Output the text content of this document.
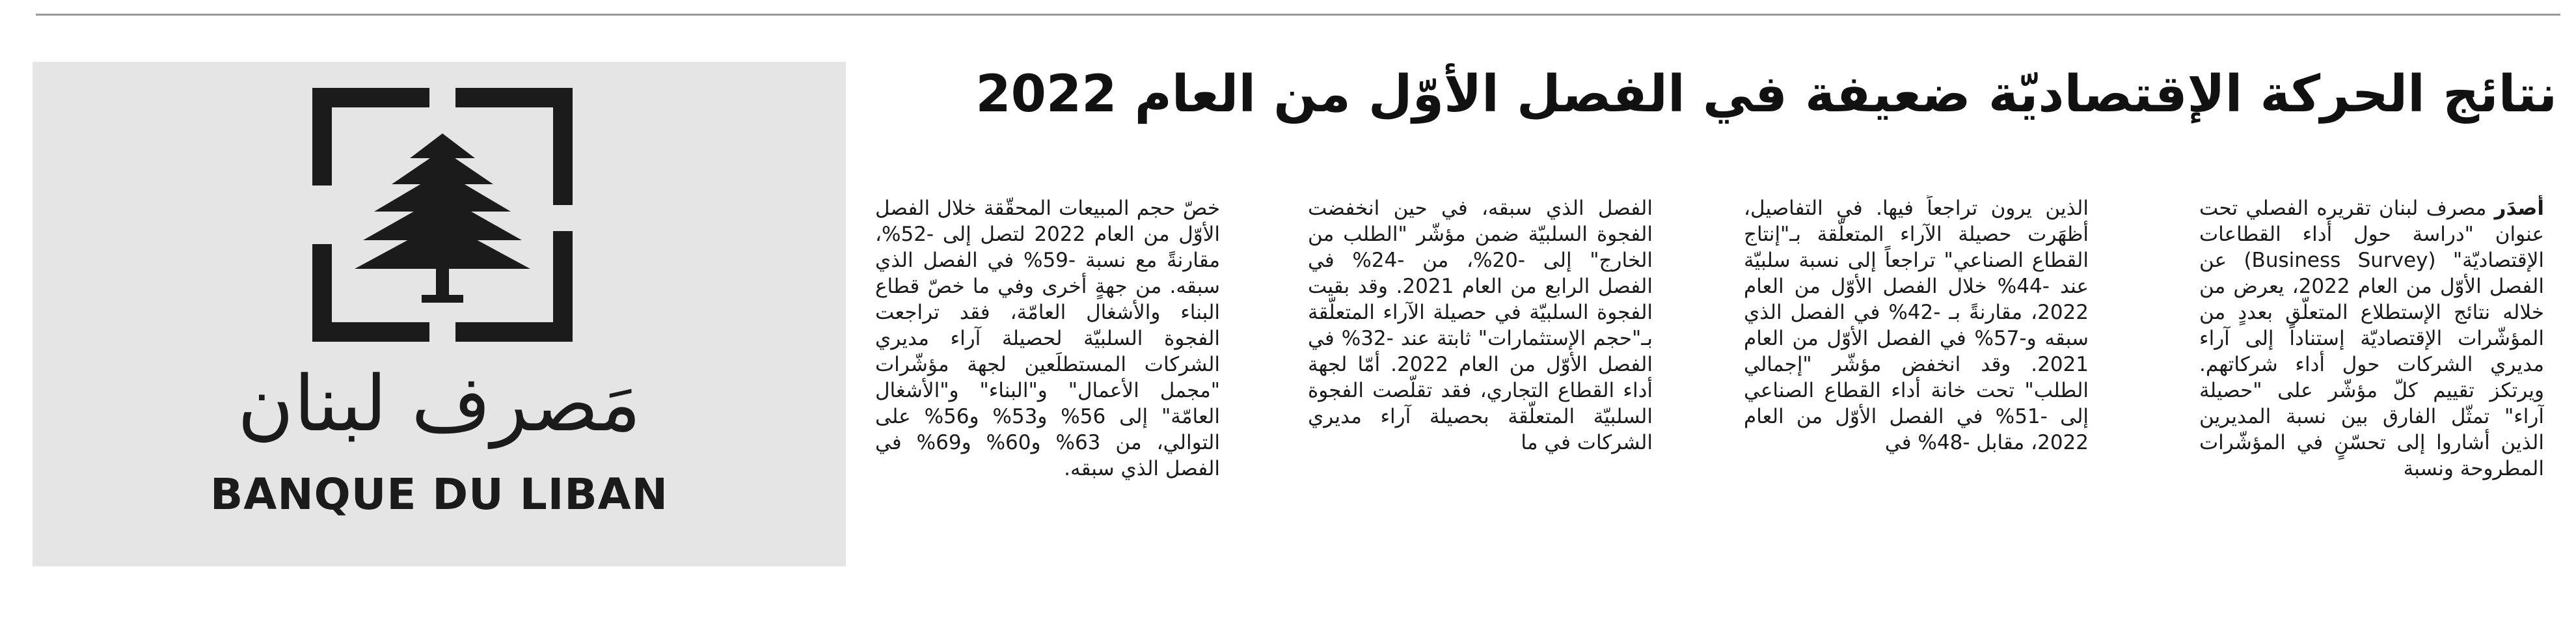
نتائج الحركة الإقتصاديّة ضعيفة في الفصل الأوّل من العام 2022

أَصدَر مصرف لبنان تقريره الفصلي تحت عنوان "دراسة حول أداء القطاعات الإقتصاديّة" (Business Survey) عن الفصل الأوّل من العام 2022، يعرض من خلاله نتائج الإستطلاع المتعلّق بعددٍ من المؤشّرات الإقتصاديّة إستناداً إلى آراء مديري الشركات حول أداء شركاتهم. ويرتكز تقييم كلّ مؤشّر على "حصيلة آراء" تمثّل الفارق بين نسبة المديرين الذين أشاروا إلى تحسّنٍ في المؤشّرات المطروحة ونسبة

الذين يرون تراجعاً فيها. في التفاصيل، أظهَرت حصيلة الآراء المتعلّقة بـ"إنتاج القطاع الصناعي" تراجعاً إلى نسبة سلبيّة عند -44% خلال الفصل الأوّل من العام 2022، مقارنةً بـ -42% في الفصل الذي سبقه و-57% في الفصل الأوّل من العام 2021. وقد انخفض مؤشّر "إجمالي الطلب" تحت خانة أداء القطاع الصناعي إلى -51% في الفصل الأوّل من العام 2022، مقابل -48% في

الفصل الذي سبقه، في حين انخفضت الفجوة السلبيّة ضمن مؤشّر "الطلب من الخارج" إلى -20%، من -24% في الفصل الرابع من العام 2021. وقد بقيت الفجوة السلبيّة في حصيلة الآراء المتعلّقة بـ"حجم الإستثمارات" ثابتة عند -32% في الفصل الأوّل من العام 2022. أمّا لجهة أداء القطاع التجاري، فقد تقلّصت الفجوة السلبيّة المتعلّقة بحصيلة آراء مديري الشركات في ما

خصّ حجم المبيعات المحقّقة خلال الفصل الأوّل من العام 2022 لتصل إلى -52%، مقارنةً مع نسبة -59% في الفصل الذي سبقه. من جهةٍ أخرى وفي ما خصّ قطاع البناء والأشغال العامّة، فقد تراجعت الفجوة السلبيّة لحصيلة آراء مديري الشركات المستطلَعين لجهة مؤشّرات "مجمل الأعمال" و"البناء" و"الأشغال العامّة" إلى 56% و53% و56% على التوالي، من 63% و60% و69% في الفصل الذي سبقه.

مَصرف لبنان
BANQUE DU LIBAN
